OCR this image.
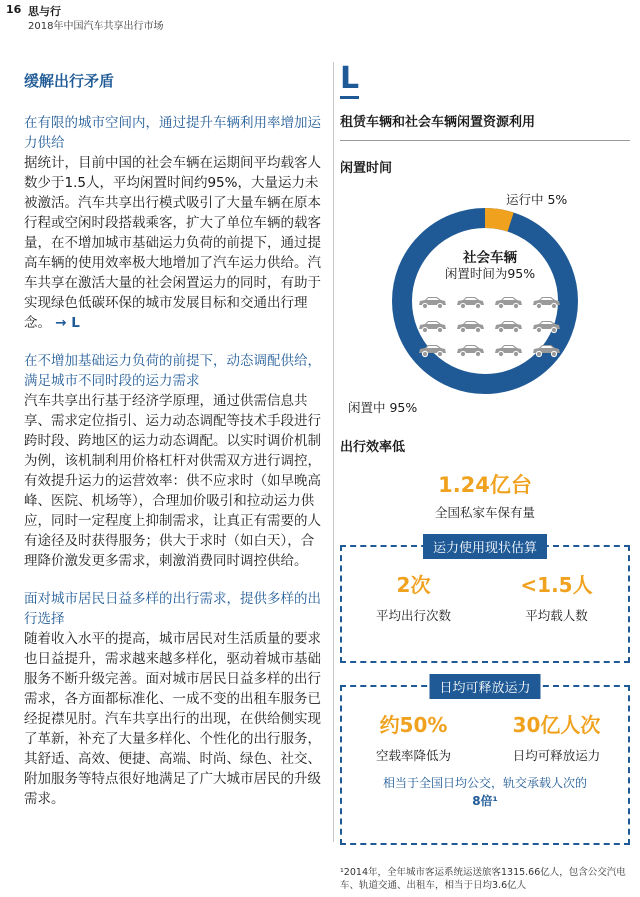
16 思与行
2018年中国汽车共享出行市场
缓解出行矛盾
在有限的城市空间内，通过提升车辆利用率增加运力供给
据统计，目前中国的社会车辆在运期间平均载客人数少于1.5人，平均闲置时间约95%，大量运力未被激活。汽车共享出行模式吸引了大量车辆在原本行程或空闲时段搭载乘客，扩大了单位车辆的载客量，在不增加城市基础运力负荷的前提下，通过提高车辆的使用效率极大地增加了汽车运力供给。汽车共享在激活大量的社会闲置运力的同时，有助于实现绿色低碳环保的城市发展目标和交通出行理念。 → L
在不增加基础运力负荷的前提下，动态调配供给，满足城市不同时段的运力需求
汽车共享出行基于经济学原理，通过供需信息共享、需求定位指引、运力动态调配等技术手段进行跨时段、跨地区的运力动态调配。以实时调价机制为例，该机制利用价格杠杆对供需双方进行调控，有效提升运力的运营效率：供不应求时（如早晚高峰、医院、机场等），合理加价吸引和拉动运力供应，同时一定程度上抑制需求，让真正有需要的人有途径及时获得服务；供大于求时（如白天），合理降价激发更多需求，刺激消费同时调控供给。
面对城市居民日益多样的出行需求，提供多样的出行选择
随着收入水平的提高，城市居民对生活质量的要求也日益提升，需求越来越多样化，驱动着城市基础服务不断升级完善。面对城市居民日益多样的出行需求，各方面都标准化、一成不变的出租车服务已经捉襟见肘。汽车共享出行的出现，在供给侧实现了革新，补充了大量多样化、个性化的出行服务，其舒适、高效、便捷、高端、时尚、绿色、社交、附加服务等特点很好地满足了广大城市居民的升级需求。
L
租赁车辆和社会车辆闲置资源利用
闲置时间
运行中 5%
社会车辆
闲置时间为95%
闲置中 95%
出行效率低
1.24亿台
全国私家车保有量
运力使用现状估算
2次
平均出行次数
<1.5人
平均载人数
日均可释放运力
约50%
空载率降低为
30亿人次
日均可释放运力
相当于全国日均公交，轨交承载人次的
8倍¹
¹2014年，全年城市客运系统运送旅客1315.66亿人，包含公交汽电车、轨道交通、出租车，相当于日均3.6亿人
